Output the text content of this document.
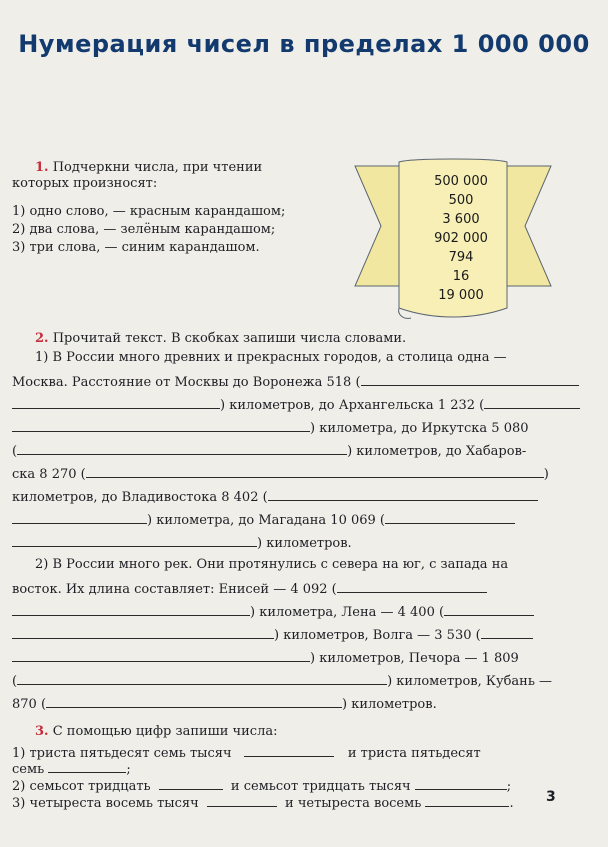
Нумерация чисел в пределах 1 000 000
1. Подчеркни числа, при чтении
которых произносят:
1) одно слово, — красным карандашом;
2) два слова, — зелёным карандашом;
3) три слова, — синим карандашом.
500 000
500
3 600
902 000
794
16
19 000
2. Прочитай текст. В скобках запиши числа словами.
1) В России много древних и прекрасных городов, а столица одна —
Москва. Расстояние от Москвы до Воронежа 518 (
) километров, до Архангельска 1 232 (
) километра, до Иркутска 5 080
(	) километров, до Хабаров-
ска 8 270 (	)
километров, до Владивостока 8 402 (
) километра, до Магадана 10 069 (
) километров.
2) В России много рек. Они протянулись с севера на юг, с запада на
восток. Их длина составляет: Енисей — 4 092 (
) километра, Лена — 4 400 (
) километров, Волга — 3 530 (
) километров, Печора — 1 809
(	) километров, Кубань —
870 (	) километров.
3. С помощью цифр запиши числа:
1) триста пятьдесят семь тысяч	и триста пятьдесят
семь	;
2) семьсот тридцать	и семьсот тридцать тысяч	;
3) четыреста восемь тысяч	и четыреста восемь	. 3
